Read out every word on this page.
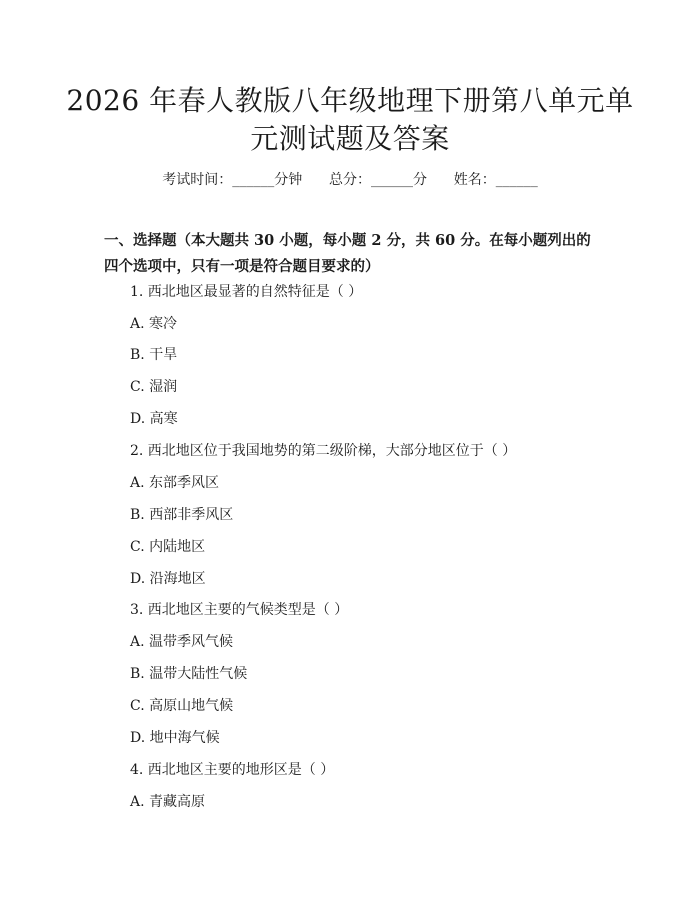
2026 年春人教版八年级地理下册第八单元单
元测试题及答案
考试时间：______分钟 总分：______分 姓名：______
一、选择题（本大题共 30 小题，每小题 2 分，共 60 分。在每小题列出的四个选项中，只有一项是符合题目要求的）
1. 西北地区最显著的自然特征是（ ）
A. 寒冷
B. 干旱
C. 湿润
D. 高寒
2. 西北地区位于我国地势的第二级阶梯，大部分地区位于（ ）
A. 东部季风区
B. 西部非季风区
C. 内陆地区
D. 沿海地区
3. 西北地区主要的气候类型是（ ）
A. 温带季风气候
B. 温带大陆性气候
C. 高原山地气候
D. 地中海气候
4. 西北地区主要的地形区是（ ）
A. 青藏高原
